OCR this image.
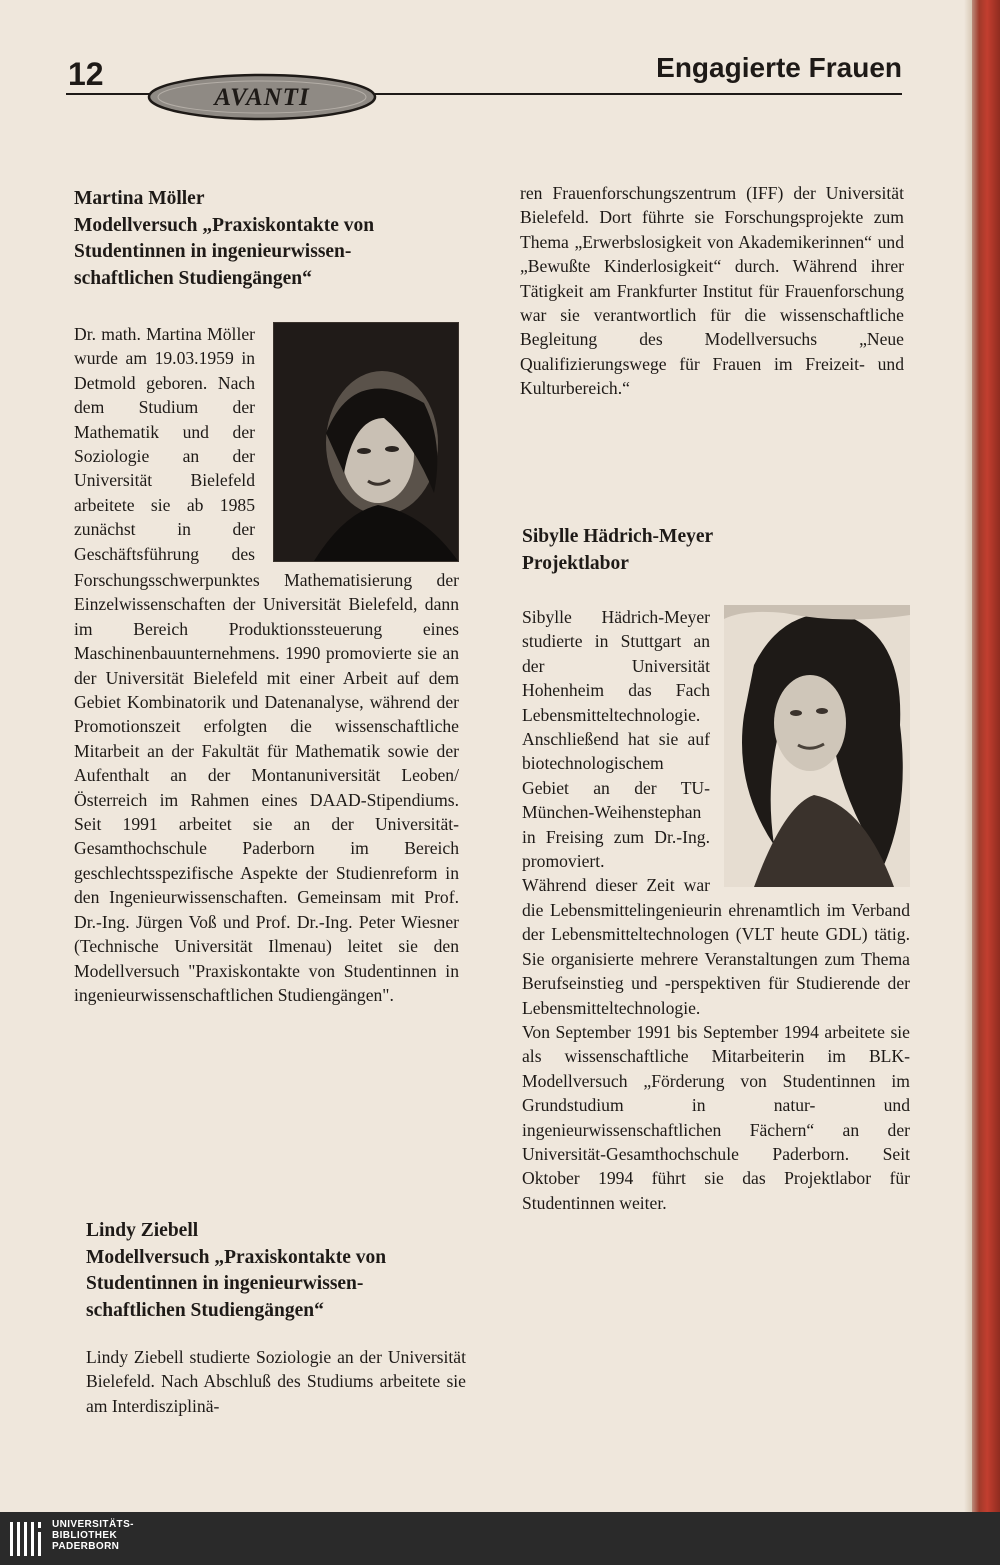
12
AVANTI
Engagierte Frauen
Martina Möller
Modellversuch „Praxiskontakte von
Studentinnen in ingenieurwissen-
schaftlichen Studiengängen“

Dr. math. Martina Möller wurde am 19.03.1959 in Detmold geboren. Nach dem Studium der Mathematik und der Soziologie an der Universität Bielefeld arbeitete sie ab 1985 zunächst in der Geschäftsführung des Forschungsschwerpunktes Mathematisierung der Einzelwissenschaften der Universität Bielefeld, dann im Bereich Produktionssteuerung eines Maschinenbauunternehmens. 1990 promovierte sie an der Universität Bielefeld mit einer Arbeit auf dem Gebiet Kombinatorik und Datenanalyse, während der Promotionszeit erfolgten die wissenschaftliche Mitarbeit an der Fakultät für Mathematik sowie der Aufenthalt an der Montanuniversität Leoben/Österreich im Rahmen eines DAAD-Stipendiums. Seit 1991 arbeitet sie an der Universität-Gesamthochschule Paderborn im Bereich geschlechtsspezifische Aspekte der Studienreform in den Ingenieurwissenschaften. Gemeinsam mit Prof. Dr.-Ing. Jürgen Voß und Prof. Dr.-Ing. Peter Wiesner (Technische Universität Ilmenau) leitet sie den Modellversuch "Praxiskontakte von Studentinnen in ingenieurwissenschaftlichen Studiengängen".

Lindy Ziebell
Modellversuch „Praxiskontakte von
Studentinnen in ingenieurwissen-
schaftlichen Studiengängen“

Lindy Ziebell studierte Soziologie an der Universität Bielefeld. Nach Abschluß des Studiums arbeitete sie am Interdisziplinä-

ren Frauenforschungszentrum (IFF) der Universität Bielefeld. Dort führte sie Forschungsprojekte zum Thema „Erwerbslosigkeit von Akademikerinnen“ und „Bewußte Kinderlosigkeit“ durch. Während ihrer Tätigkeit am Frankfurter Institut für Frauenforschung war sie verantwortlich für die wissenschaftliche Begleitung des Modellversuchs „Neue Qualifizierungswege für Frauen im Freizeit- und Kulturbereich.“

Sibylle Hädrich-Meyer
Projektlabor

Sibylle Hädrich-Meyer studierte in Stuttgart an der Universität Hohenheim das Fach Lebensmitteltechnologie. Anschließend hat sie auf biotechnologischem Gebiet an der TU-München-Weihenstephan in Freising zum Dr.-Ing. promoviert.

Während dieser Zeit war die Lebensmittelingenieurin ehrenamtlich im Verband der Lebensmitteltechnologen (VLT heute GDL) tätig. Sie organisierte mehrere Veranstaltungen zum Thema Berufseinstieg und -perspektiven für Studierende der Lebensmitteltechnologie.

Von September 1991 bis September 1994 arbeitete sie als wissenschaftliche Mitarbeiterin im BLK-Modellversuch „Förderung von Studentinnen im Grundstudium in natur- und ingenieurwissenschaftlichen Fächern“ an der Universität-Gesamthochschule Paderborn. Seit Oktober 1994 führt sie das Projektlabor für Studentinnen weiter.

UNIVERSITÄTS-
BIBLIOTHEK
PADERBORN
